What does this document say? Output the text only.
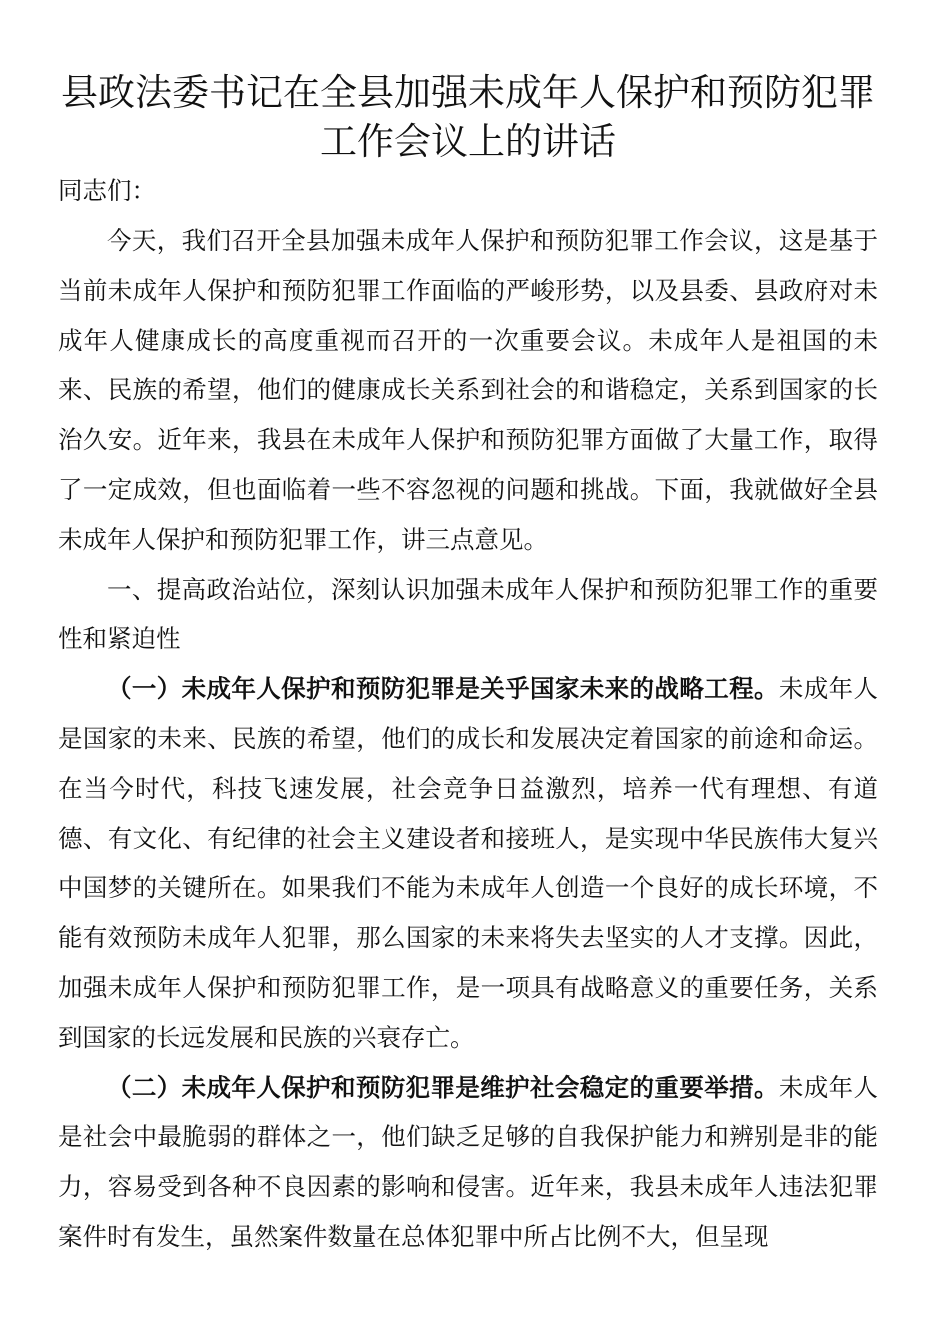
县政法委书记在全县加强未成年人保护和预防犯罪工作会议上的讲话

同志们：

今天，我们召开全县加强未成年人保护和预防犯罪工作会议，这是基于当前未成年人保护和预防犯罪工作面临的严峻形势，以及县委、县政府对未成年人健康成长的高度重视而召开的一次重要会议。未成年人是祖国的未来、民族的希望，他们的健康成长关系到社会的和谐稳定，关系到国家的长治久安。近年来，我县在未成年人保护和预防犯罪方面做了大量工作，取得了一定成效，但也面临着一些不容忽视的问题和挑战。下面，我就做好全县未成年人保护和预防犯罪工作，讲三点意见。

一、提高政治站位，深刻认识加强未成年人保护和预防犯罪工作的重要性和紧迫性

（一）未成年人保护和预防犯罪是关乎国家未来的战略工程。未成年人是国家的未来、民族的希望，他们的成长和发展决定着国家的前途和命运。在当今时代，科技飞速发展，社会竞争日益激烈，培养一代有理想、有道德、有文化、有纪律的社会主义建设者和接班人，是实现中华民族伟大复兴中国梦的关键所在。如果我们不能为未成年人创造一个良好的成长环境，不能有效预防未成年人犯罪，那么国家的未来将失去坚实的人才支撑。因此，加强未成年人保护和预防犯罪工作，是一项具有战略意义的重要任务，关系到国家的长远发展和民族的兴衰存亡。

（二）未成年人保护和预防犯罪是维护社会稳定的重要举措。未成年人是社会中最脆弱的群体之一，他们缺乏足够的自我保护能力和辨别是非的能力，容易受到各种不良因素的影响和侵害。近年来，我县未成年人违法犯罪案件时有发生，虽然案件数量在总体犯罪中所占比例不大，但呈现
